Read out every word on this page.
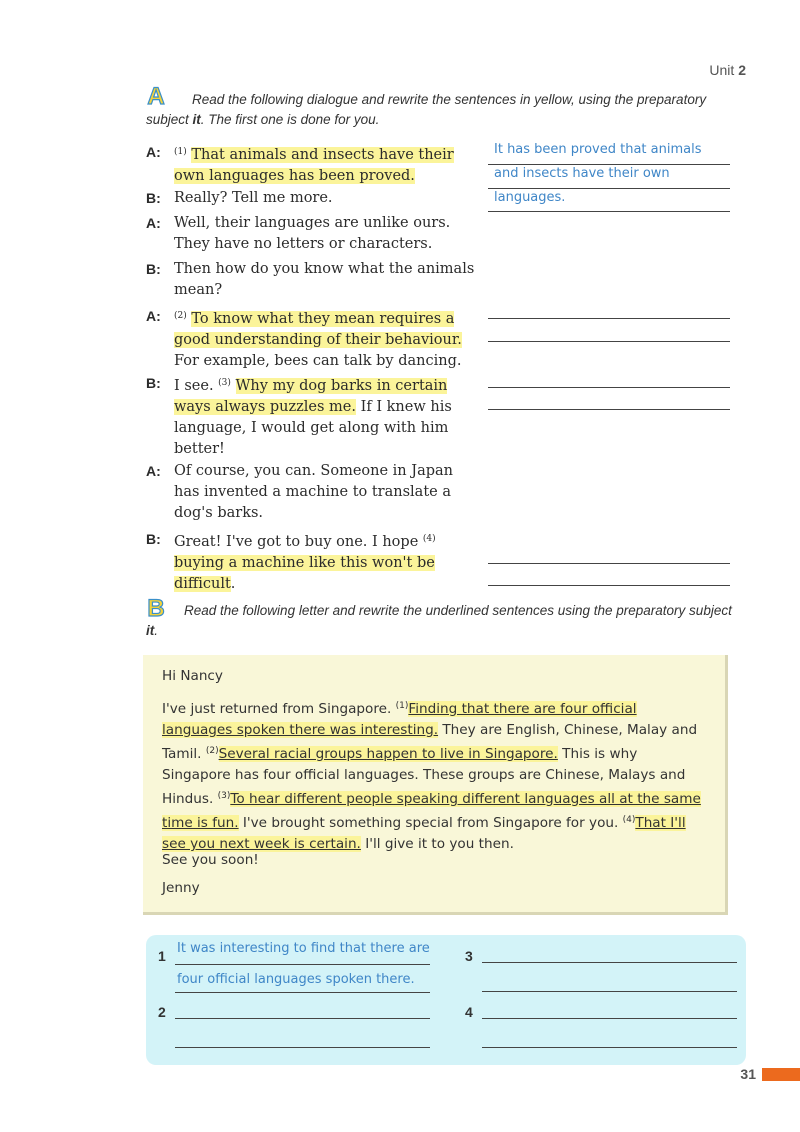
Unit 2
A	Read the following dialogue and rewrite the sentences in yellow, using the preparatory subject it. The first one is done for you.
A: $^{(1)}$ That animals and insects have their own languages has been proved.
B: Really? Tell me more.
A: Well, their languages are unlike ours. They have no letters or characters.
B: Then how do you know what the animals mean?
A: $^{(2)}$ To know what they mean requires a good understanding of their behaviour. For example, bees can talk by dancing.
B: I see. $^{(3)}$ Why my dog barks in certain ways always puzzles me. If I knew his language, I would get along with him better!
A: Of course, you can. Someone in Japan has invented a machine to translate a dog's barks.
B: Great! I've got to buy one. I hope $^{(4)}$ buying a machine like this won't be difficult.
It has been proved that animals
and insects have their own
languages.
B	Read the following letter and rewrite the underlined sentences using the preparatory subject it.
Hi Nancy
I've just returned from Singapore. $^{(1)}$Finding that there are four official languages spoken there was interesting. They are English, Chinese, Malay and Tamil. $^{(2)}$Several racial groups happen to live in Singapore. This is why Singapore has four official languages. These groups are Chinese, Malays and Hindus. $^{(3)}$To hear different people speaking different languages all at the same time is fun. I've brought something special from Singapore for you. $^{(4)}$That I'll see you next week is certain. I'll give it to you then.
See you soon!
Jenny
1 It was interesting to find that there are
four official languages spoken there.
2
3
4
31
